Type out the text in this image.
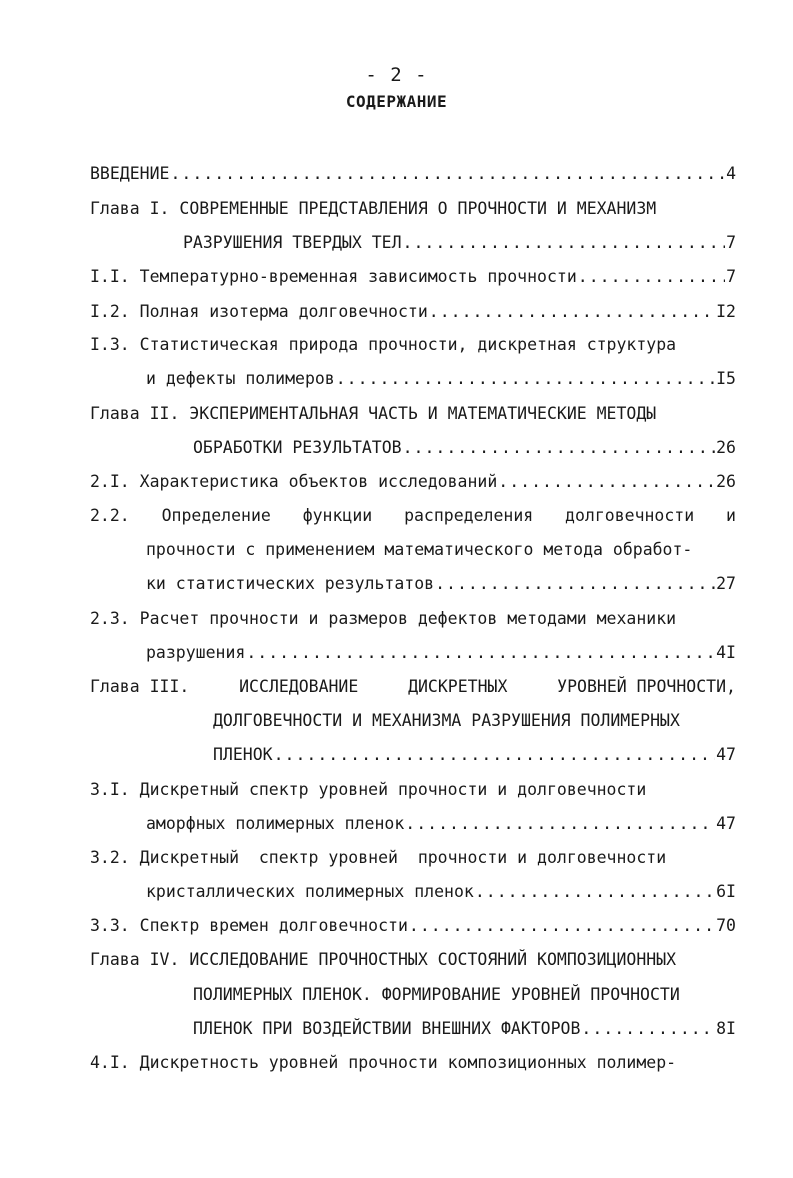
- 2 -
СОДЕРЖАНИЕ
ВВЕДЕНИЕ .....	4
Глава I. СОВРЕМЕННЫЕ ПРЕДСТАВЛЕНИЯ О ПРОЧНОСТИ И МЕХАНИЗМ
РАЗРУШЕНИЯ ТВЕРДЫХ ТЕЛ .....	7
I.I. Температурно-временная зависимость прочности .....	7
I.2. Полная изотерма долговечности .....	I2
I.3. Статистическая природа прочности, дискретная структура
и дефекты полимеров .....	I5
Глава II. ЭКСПЕРИМЕНТАЛЬНАЯ ЧАСТЬ И МАТЕМАТИЧЕСКИЕ МЕТОДЫ
ОБРАБОТКИ РЕЗУЛЬТАТОВ .....	26
2.I. Характеристика объектов исследований .....	26
2.2. Определение функции распределения долговечности и
прочности с применением математического метода обработ-
ки статистических результатов .....	27
2.3. Расчет прочности и размеров дефектов методами механики
разрушения .....	4I
Глава III.	ИССЛЕДОВАНИЕ	ДИСКРЕТНЫХ	УРОВНЕЙ ПРОЧНОСТИ,
ДОЛГОВЕЧНОСТИ И МЕХАНИЗМА РАЗРУШЕНИЯ ПОЛИМЕРНЫХ
ПЛЕНОК .....	47
3.I. Дискретный спектр уровней прочности и долговечности
аморфных полимерных пленок .....	47
3.2. Дискретный  спектр уровней  прочности и долговечности
кристаллических полимерных пленок .....	6I
3.3. Спектр времен долговечности .....	70
Глава IV. ИССЛЕДОВАНИЕ ПРОЧНОСТНЫХ СОСТОЯНИЙ КОМПОЗИЦИОННЫХ
ПОЛИМЕРНЫХ ПЛЕНОК. ФОРМИРОВАНИЕ УРОВНЕЙ ПРОЧНОСТИ
ПЛЕНОК ПРИ ВОЗДЕЙСТВИИ ВНЕШНИХ ФАКТОРОВ .....	8I
4.I. Дискретность уровней прочности композиционных полимер-
